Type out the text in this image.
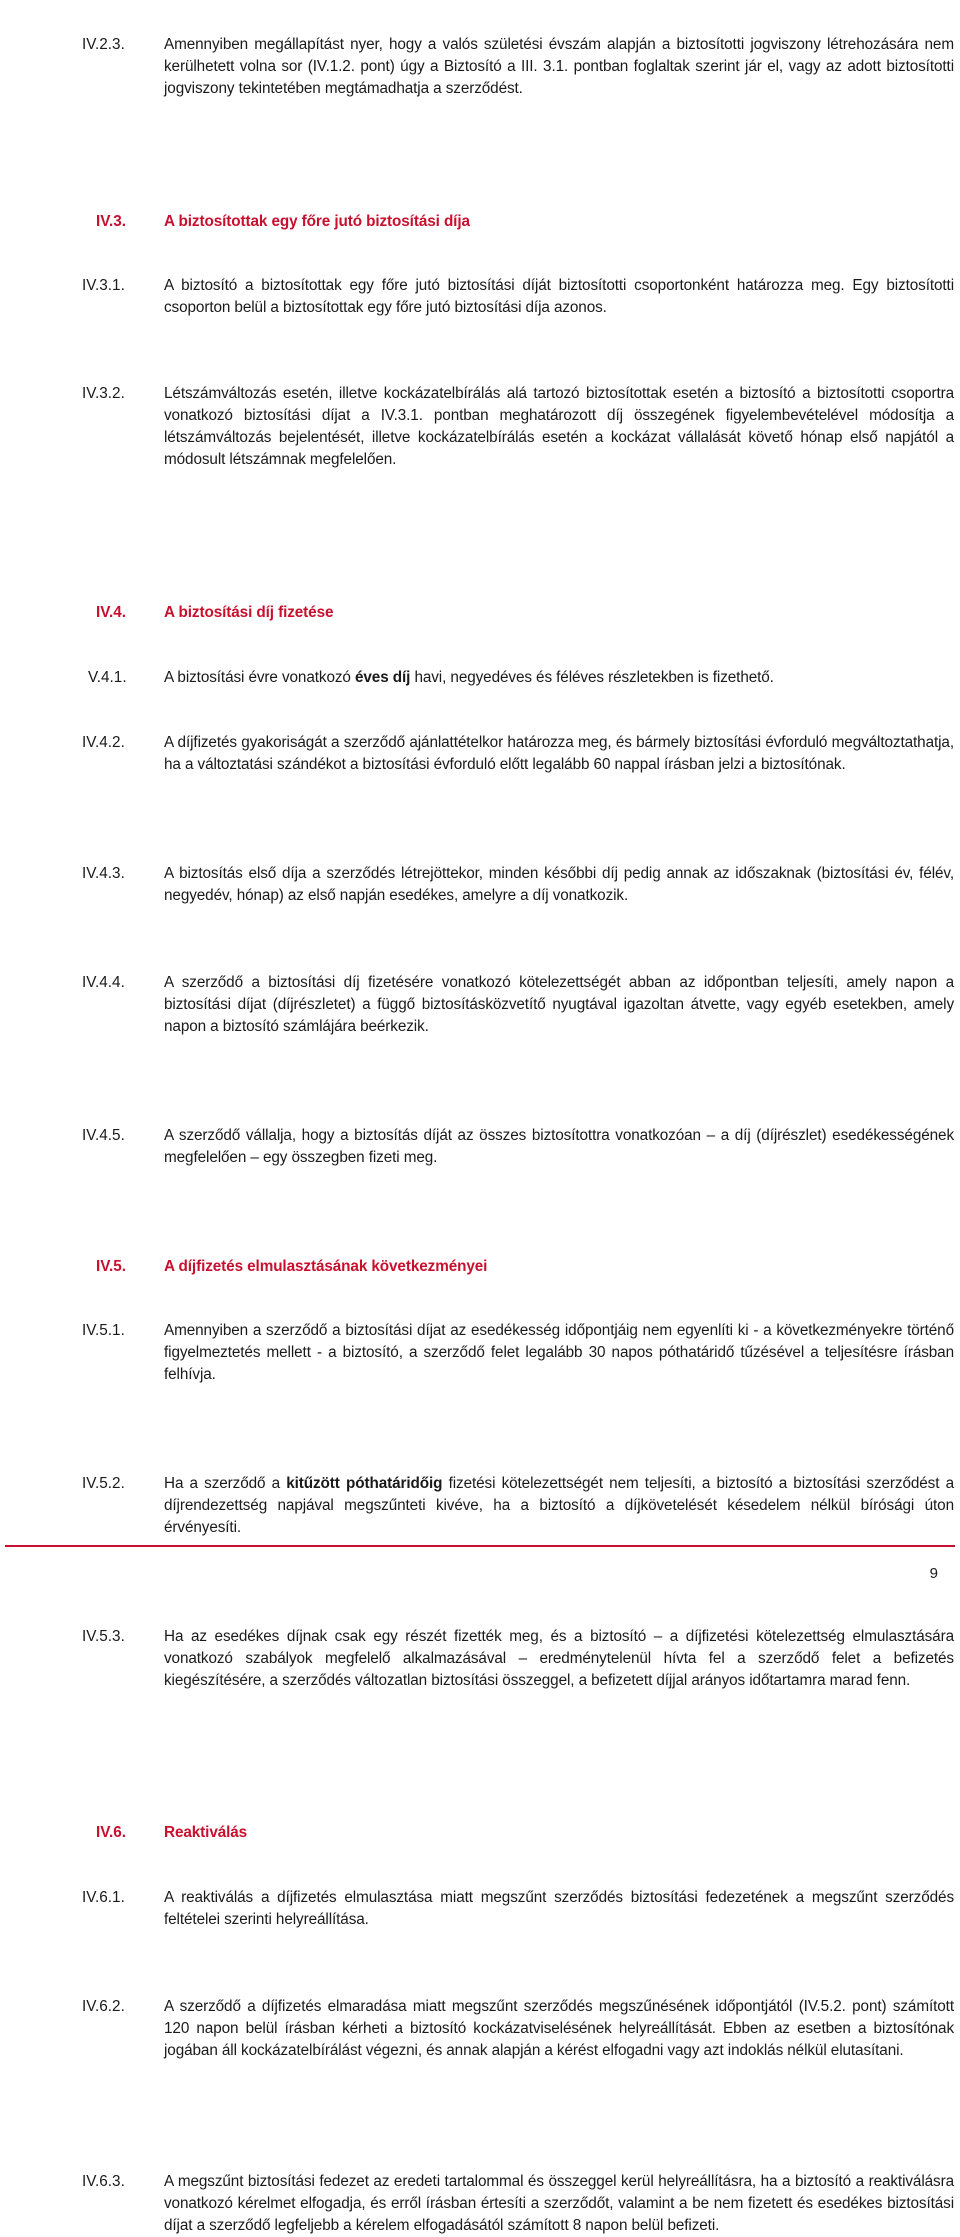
IV.2.3.	Amennyiben megállapítást nyer, hogy a valós születési évszám alapján a biztosítotti jogviszony létrehozására nem kerülhetett volna sor (IV.1.2. pont) úgy a Biztosító a III. 3.1. pontban foglaltak szerint jár el, vagy az adott biztosítotti jogviszony tekintetében megtámadhatja a szerződést.
IV.3. A biztosítottak egy főre jutó biztosítási díja
IV.3.1.	A biztosító a biztosítottak egy főre jutó biztosítási díját biztosítotti csoportonként határozza meg. Egy biztosítotti csoporton belül a biztosítottak egy főre jutó biztosítási díja azonos.
IV.3.2.	Létszámváltozás esetén, illetve kockázatelbírálás alá tartozó biztosítottak esetén a biztosító a biztosítotti csoportra vonatkozó biztosítási díjat a IV.3.1. pontban meghatározott díj összegének figyelembevételével módosítja a létszámváltozás bejelentését, illetve kockázatelbírálás esetén a kockázat vállalását követő hónap első napjától a módosult létszámnak megfelelően.
IV.4. A biztosítási díj fizetése
V.4.1. A biztosítási évre vonatkozó éves díj havi, negyedéves és féléves részletekben is fizethető.
IV.4.2.	A díjfizetés gyakoriságát a szerződő ajánlattételkor határozza meg, és bármely biztosítási évforduló megváltoztathatja, ha a változtatási szándékot a biztosítási évforduló előtt legalább 60 nappal írásban jelzi a biztosítónak.
IV.4.3.	A biztosítás első díja a szerződés létrejöttekor, minden későbbi díj pedig annak az időszaknak (biztosítási év, félév, negyedév, hónap) az első napján esedékes, amelyre a díj vonatkozik.
IV.4.4.	A szerződő a biztosítási díj fizetésére vonatkozó kötelezettségét abban az időpontban teljesíti, amely napon a biztosítási díjat (díjrészletet) a függő biztosításközvetítő nyugtával igazoltan átvette, vagy egyéb esetekben, amely napon a biztosító számlájára beérkezik.
IV.4.5.	A szerződő vállalja, hogy a biztosítás díját az összes biztosítottra vonatkozóan – a díj (díjrészlet) esedékességének megfelelően – egy összegben fizeti meg.
IV.5. A díjfizetés elmulasztásának következményei
IV.5.1.	Amennyiben a szerződő a biztosítási díjat az esedékesség időpontjáig nem egyenlíti ki - a következményekre történő figyelmeztetés mellett - a biztosító, a szerződő felet legalább 30 napos póthatáridő tűzésével a teljesítésre írásban felhívja.
IV.5.2.	Ha a szerződő a kitűzött póthatáridőig fizetési kötelezettségét nem teljesíti, a biztosító a biztosítási szerződést a díjrendezettség napjával megszűnteti kivéve, ha a biztosító a díjkövetelését késedelem nélkül bírósági úton érvényesíti.
IV.5.3.	Ha az esedékes díjnak csak egy részét fizették meg, és a biztosító – a díjfizetési kötelezettség elmulasztására vonatkozó szabályok megfelelő alkalmazásával – eredménytelenül hívta fel a szerződő felet a befizetés kiegészítésére, a szerződés változatlan biztosítási összeggel, a befizetett díjjal arányos időtartamra marad fenn.
IV.6. Reaktiválás
IV.6.1.	A reaktiválás a díjfizetés elmulasztása miatt megszűnt szerződés biztosítási fedezetének a megszűnt szerződés feltételei szerinti helyreállítása.
IV.6.2.	A szerződő a díjfizetés elmaradása miatt megszűnt szerződés megszűnésének időpontjától (IV.5.2. pont) számított 120 napon belül írásban kérheti a biztosító kockázatviselésének helyreállítását. Ebben az esetben a biztosítónak jogában áll kockázatelbírálást végezni, és annak alapján a kérést elfogadni vagy azt indoklás nélkül elutasítani.
IV.6.3.	A megszűnt biztosítási fedezet az eredeti tartalommal és összeggel kerül helyreállításra, ha a biztosító a reaktiválásra vonatkozó kérelmet elfogadja, és erről írásban értesíti a szerződőt, valamint a be nem fizetett és esedékes biztosítási díjat a szerződő legfeljebb a kérelem elfogadásától számított 8 napon belül befizeti.
9
